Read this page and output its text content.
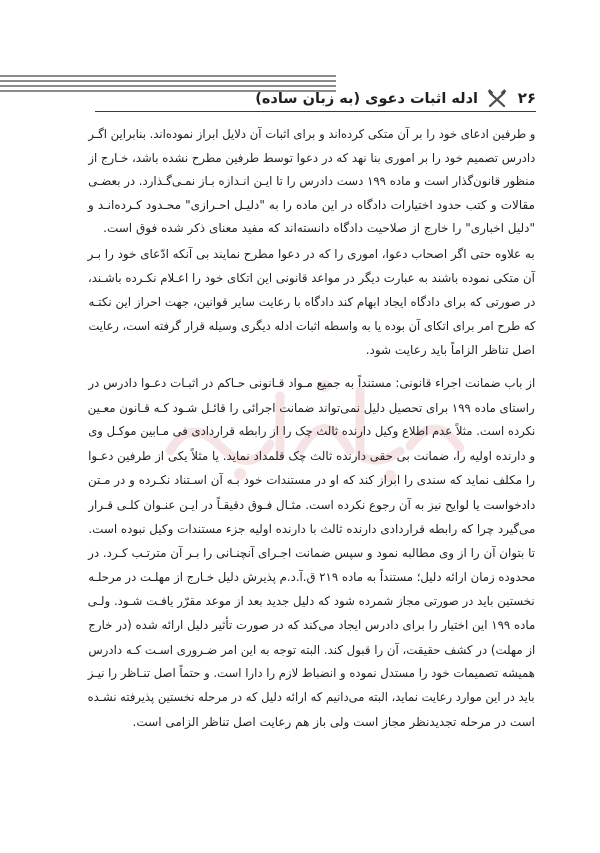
۲۶
ادله اثبات دعوی (به زبان ساده)
و طرفین ادعای خود را بر آن متکی کرده‌اند و برای اثبات آن دلایل ابراز نموده‌اند. بنابراین اگـر
دادرس تصمیم خود را بر اموری بنا نهد که در دعوا توسط طرفین مطرح نشده باشد، خـارج از
منظور قانون‌گذار است و ماده ۱۹۹ دست دادرس را تا ایـن انـدازه بـاز نمـی‌گـذارد. در بعضـی
مقالات و کتب حدود اختیارات دادگاه در این ماده را به "دلیـل احـرازی" محـدود کـرده‌انـد و
"دلیل اخباری" را خارج از صلاحیت دادگاه دانسته‌اند که مفید معنای ذکر شده فوق است.
به علاوه حتی اگر اصحاب دعوا، اموری را که در دعوا مطرح نمایند بی آنکه ادّعای خود را بـر
آن متکی نموده باشند به عبارت دیگر در مواعد قانونی این اتکای خود را اعـلام نکـرده باشـند،
در صورتی که برای دادگاه ایجاد ابهام کند دادگاه با رعایت سایر قوانین، جهت احراز این نکتـه
که طرح امر برای اتکای آن بوده یا به واسطه اثبات ادله دیگری وسیله قرار گرفته است، رعایت
اصل تناظر الزاماً باید رعایت شود.
از باب ضمانت اجراء قانونی: مستنداً به جمیع مـواد قـانونی حـاکم در اثبـات دعـوا دادرس در
راستای ماده ۱۹۹ برای تحصیل دلیل نمی‌تواند ضمانت اجرائی را قائـل شـود کـه قـانون معـین
نکرده است. مثلاً عدم اطلاع وکیل دارنده ثالث چک را از رابطه قراردادی فی مـابین موکـل وی
و دارنده اولیه را، ضمانت بی حقی دارنده ثالث چک قلمداد نماید. یا مثلاً یکی از طرفین دعـوا
را مکلف نماید که سندی را ابراز کند که او در مستندات خود بـه آن اسـتناد نکـرده و در مـتن
دادخواست یا لوایح نیز به آن رجوع نکرده است. مثـال فـوق دقیقـاً در ایـن عنـوان کلـی قـرار
می‌گیرد چرا که رابطه قراردادی دارنده ثالث با دارنده اولیه جزء مستندات وکیل نبوده است.
تا بتوان آن را از وی مطالبه نمود و سپس ضمانت اجـرای آنچنـانی را بـر آن مترتـب کـرد. در
محدوده زمان ارائه دلیل؛ مستنداً به ماده ۲۱۹ ق.آ.د.م پذیرش دلیل خـارج از مهلـت در مرحلـه
نخستین باید در صورتی مجاز شمرده شود که دلیل جدید بعد از موعد مقرّر یافـت شـود. ولـی
ماده ۱۹۹ این اختیار را برای دادرس ایجاد می‌کند که در صورت تأثیر دلیل ارائه شده (در خارج
از مهلت) در کشف حقیقت، آن را قبول کند. البته توجه به این امر ضـروری اسـت کـه دادرس
همیشه تصمیمات خود را مستدل نموده و انضباط لازم را دارا است. و حتماً اصل تنـاظر را نیـز
باید در این موارد رعایت نماید، البته می‌دانیم که ارائه دلیل که در مرحله نخستین پذیرفته نشـده
است در مرحله تجدیدنظر مجاز است ولی باز هم رعایت اصل تناظر الزامی است.
